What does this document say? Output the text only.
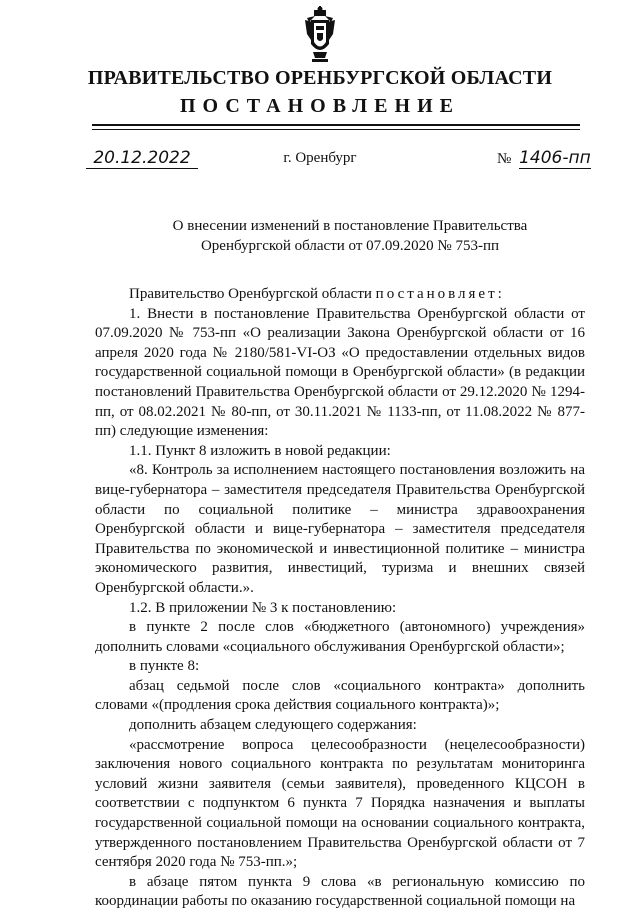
ПРАВИТЕЛЬСТВО ОРЕНБУРГСКОЙ ОБЛАСТИ
ПОСТАНОВЛЕНИЕ
20.12.2022	г. Оренбург	№ 1406-пп
О внесении изменений в постановление Правительства
Оренбургской области от 07.09.2020 № 753-пп

Правительство Оренбургской области постановляет:

1. Внести в постановление Правительства Оренбургской области от 07.09.2020 № 753-пп «О реализации Закона Оренбургской области от 16 апреля 2020 года № 2180/581-VI-ОЗ «О предоставлении отдельных видов государственной социальной помощи в Оренбургской области» (в редакции постановлений Правительства Оренбургской области от 29.12.2020 № 1294-пп, от 08.02.2021 № 80-пп, от 30.11.2021 № 1133-пп, от 11.08.2022 № 877-пп) следующие изменения:

1.1. Пункт 8 изложить в новой редакции:

«8. Контроль за исполнением настоящего постановления возложить на вице-губернатора – заместителя председателя Правительства Оренбургской области по социальной политике – министра здравоохранения Оренбургской области и вице-губернатора – заместителя председателя Правительства по экономической и инвестиционной политике – министра экономического развития, инвестиций, туризма и внешних связей Оренбургской области.».

1.2. В приложении № 3 к постановлению:

в пункте 2 после слов «бюджетного (автономного) учреждения» дополнить словами «социального обслуживания Оренбургской области»;

в пункте 8:

абзац седьмой после слов «социального контракта» дополнить словами «(продления срока действия социального контракта)»;

дополнить абзацем следующего содержания:

«рассмотрение вопроса целесообразности (нецелесообразности) заключения нового социального контракта по результатам мониторинга условий жизни заявителя (семьи заявителя), проведенного КЦСОН в соответствии с подпунктом 6 пункта 7 Порядка назначения и выплаты государственной социальной помощи на основании социального контракта, утвержденного постановлением Правительства Оренбургской области от 7 сентября 2020 года № 753-пп.»;

в абзаце пятом пункта 9 слова «в региональную комиссию по координации работы по оказанию государственной социальной помощи на
